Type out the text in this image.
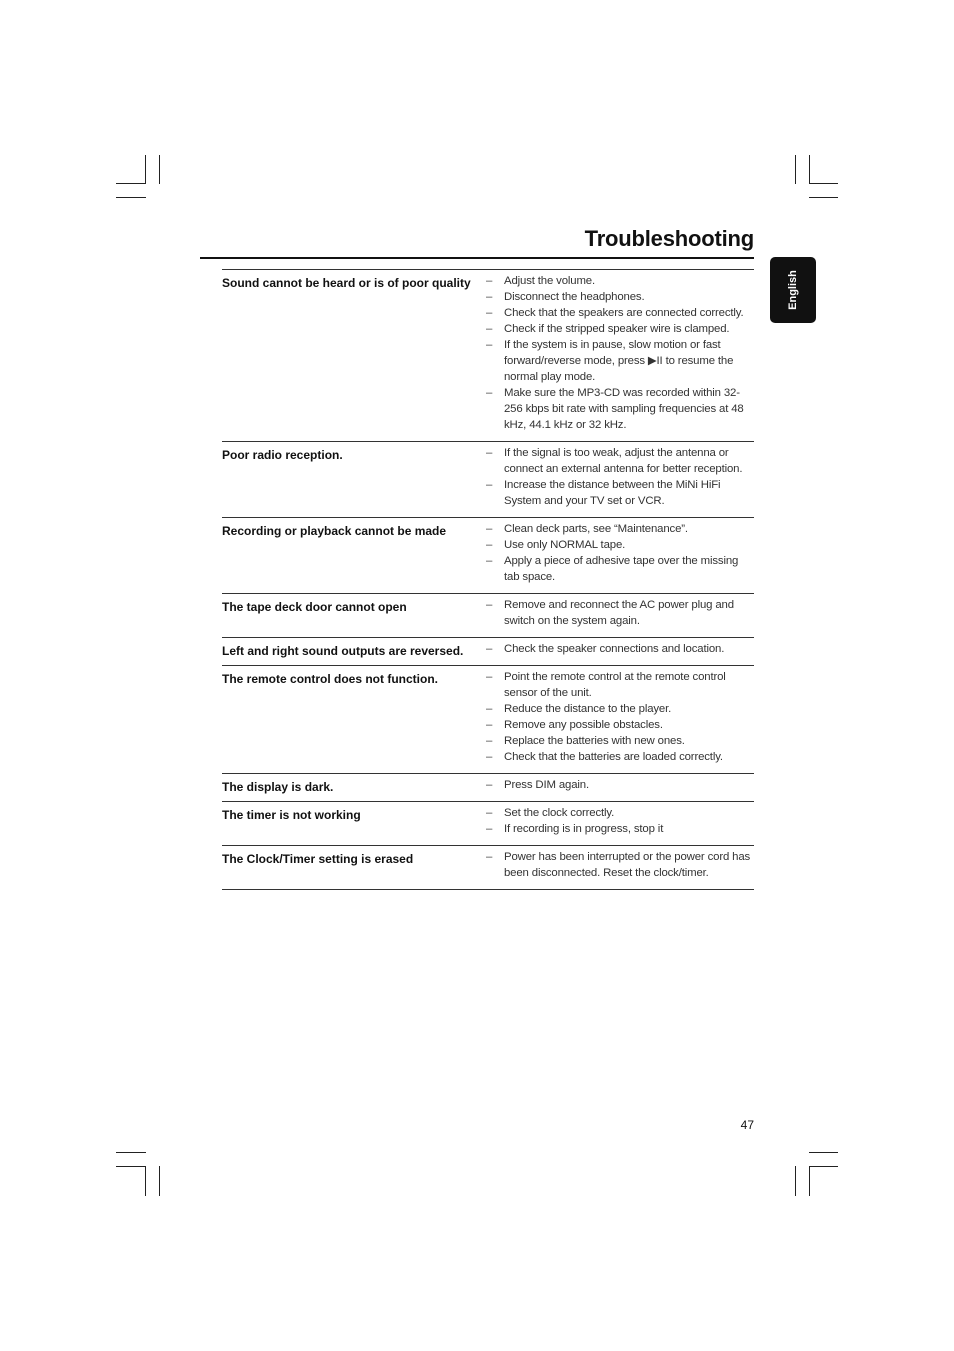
Troubleshooting
English
Sound cannot be heard or is of poor quality – Adjust the volume.
– Disconnect the headphones.
– Check that the speakers are connected correctly.
– Check if the stripped speaker wire is clamped.
– If the system is in pause, slow motion or fast forward/reverse mode, press ▶II to resume the normal play mode.
– Make sure the MP3-CD was recorded within 32-256 kbps bit rate with sampling frequencies at 48 kHz, 44.1 kHz or 32 kHz.
Poor radio reception.	– If the signal is too weak, adjust the antenna or connect an external antenna for better reception.
– Increase the distance between the MiNi HiFi System and your TV set or VCR.
Recording or playback cannot be made	– Clean deck parts, see “Maintenance”.
– Use only NORMAL tape.
– Apply a piece of adhesive tape over the missing tab space.
The tape deck door cannot open	– Remove and reconnect the AC power plug and switch on the system again.
Left and right sound outputs are reversed.	– Check the speaker connections and location.
The remote control does not function.	– Point the remote control at the remote control sensor of the unit.
– Reduce the distance to the player.
– Remove any possible obstacles.
– Replace the batteries with new ones.
– Check that the batteries are loaded correctly.
The display is dark.	– Press DIM again.
The timer is not working	– Set the clock correctly.
– If recording is in progress, stop it
The Clock/Timer setting is erased	– Power has been interrupted or the power cord has been disconnected. Reset the clock/timer.
47
